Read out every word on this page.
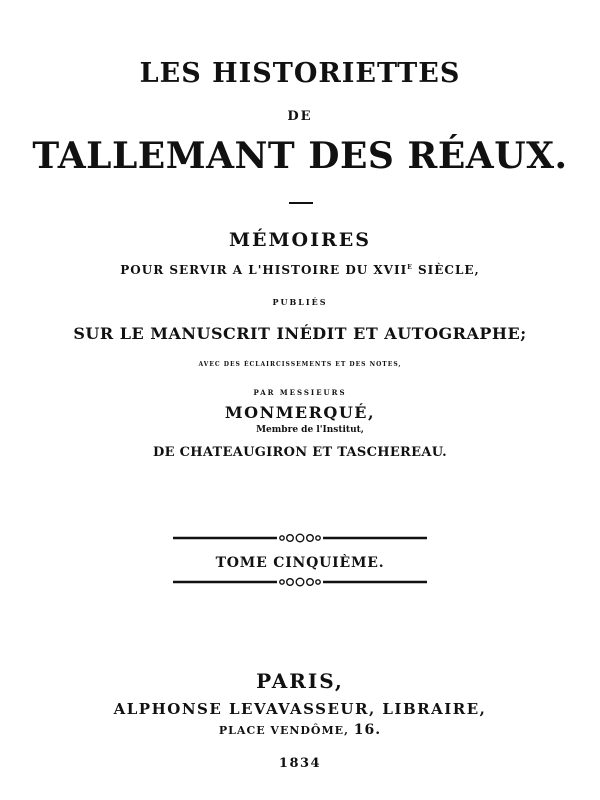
LES HISTORIETTES
DE
TALLEMANT DES RÉAUX.
MÉMOIRES
POUR SERVIR A L'HISTOIRE DU XVIIe SIÈCLE,
PUBLIÉS
SUR LE MANUSCRIT INÉDIT ET AUTOGRAPHE;
AVEC DES ÉCLAIRCISSEMENTS ET DES NOTES,
PAR MESSIEURS
MONMERQUÉ,
Membre de l'Institut,
DE CHATEAUGIRON ET TASCHEREAU.
TOME CINQUIÈME.
PARIS,
ALPHONSE LEVAVASSEUR, LIBRAIRE,
PLACE VENDÔME, 16.
1834
